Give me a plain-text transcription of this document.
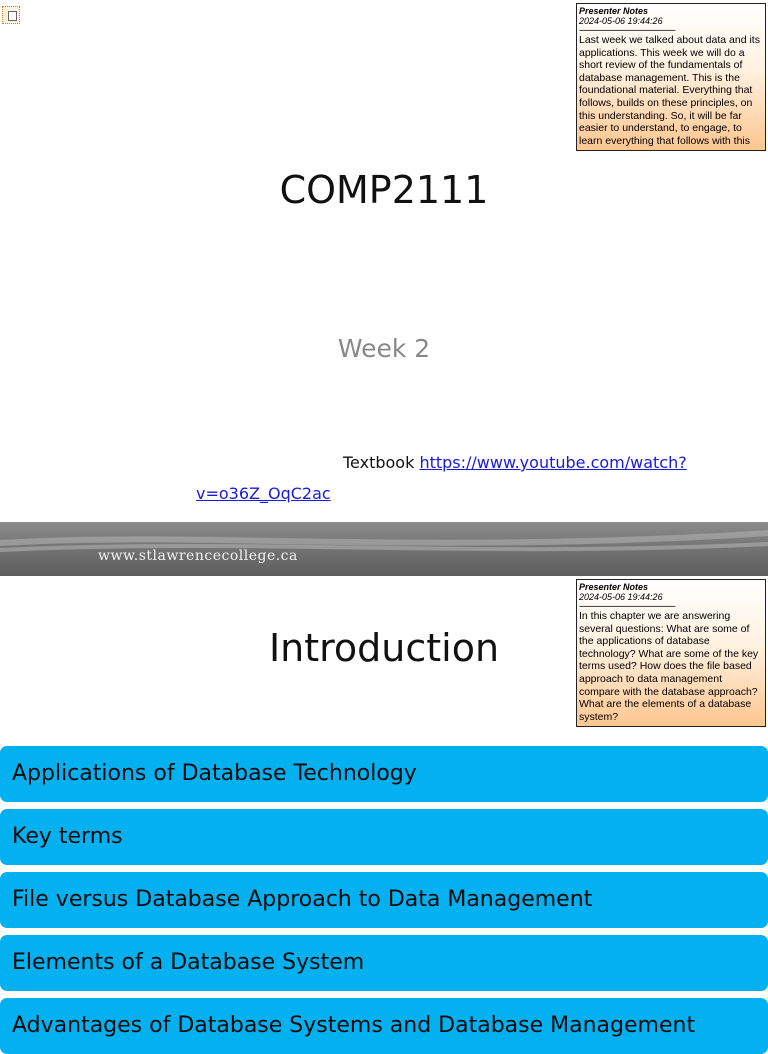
Presenter Notes
2024-05-06 19:44:26
------------------------------------------------
Last week we talked about data and its applications. This week we will do a short review of the fundamentals of database management. This is the foundational material. Everything that follows, builds on these principles, on this understanding. So, it will be far easier to understand, to engage, to learn everything that follows with this
COMP2111
Week 2
Textbook https://www.youtube.com/watch?v=o36Z_OqC2ac
www.stlawrencecollege.ca
Presenter Notes
2024-05-06 19:44:26
------------------------------------------------
In this chapter we are answering several questions: What are some of the applications of database technology? What are some of the key terms used? How does the file based approach to data management compare with the database approach? What are the elements of a database system?
Introduction
Applications of Database Technology
Key terms
File versus Database Approach to Data Management
Elements of a Database System
Advantages of Database Systems and Database Management
